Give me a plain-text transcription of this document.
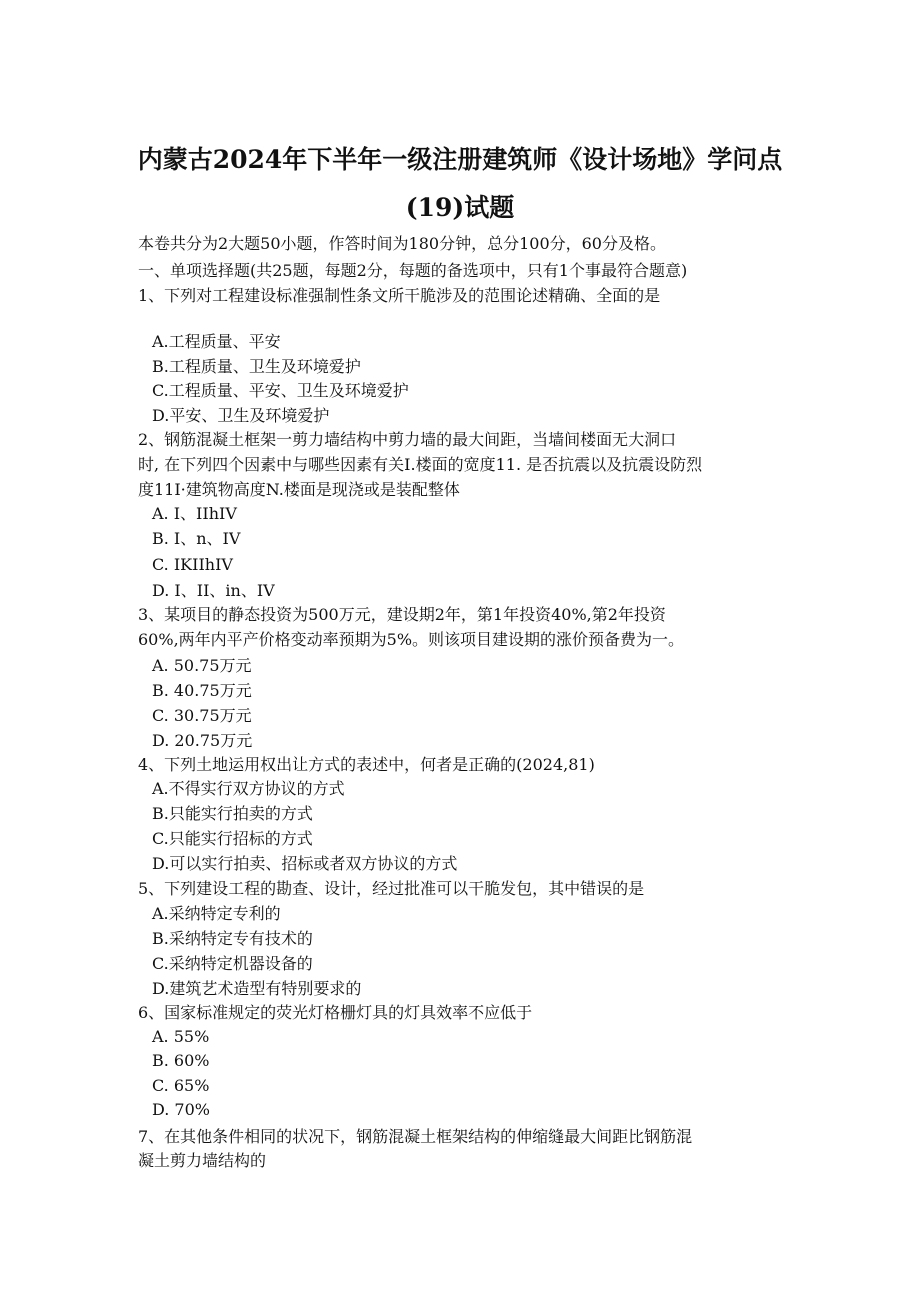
内蒙古2024年下半年一级注册建筑师《设计场地》学问点
(19)试题
本卷共分为2大题50小题，作答时间为180分钟，总分100分，60分及格。
一、单项选择题(共25题，每题2分，每题的备选项中，只有1个事最符合题意)
1、下列对工程建设标准强制性条文所干脆涉及的范围论述精确、全面的是
A.工程质量、平安
B.工程质量、卫生及环境爱护
C.工程质量、平安、卫生及环境爱护
D.平安、卫生及环境爱护
2、钢筋混凝土框架一剪力墙结构中剪力墙的最大间距，当墙间楼面无大洞口
时, 在下列四个因素中与哪些因素有关I.楼面的宽度11. 是否抗震以及抗震设防烈
度11I·建筑物高度N.楼面是现浇或是装配整体
A. I、IIhIV
B. I、n、IV
C. IKIIhIV
D. I、II、in、IV
3、某项目的静态投资为500万元，建设期2年，第1年投资40%,第2年投资
60%,两年内平产价格变动率预期为5%。则该项目建设期的涨价预备费为一。
A. 50.75万元
B. 40.75万元
C. 30.75万元
D. 20.75万元
4、下列土地运用权出让方式的表述中，何者是正确的(2024,81)
A.不得实行双方协议的方式
B.只能实行拍卖的方式
C.只能实行招标的方式
D.可以实行拍卖、招标或者双方协议的方式
5、下列建设工程的勘查、设计，经过批准可以干脆发包，其中错误的是
A.采纳特定专利的
B.采纳特定专有技术的
C.采纳特定机器设备的
D.建筑艺术造型有特别要求的
6、国家标准规定的荧光灯格栅灯具的灯具效率不应低于
A. 55%
B. 60%
C. 65%
D. 70%
7、在其他条件相同的状况下，钢筋混凝土框架结构的伸缩缝最大间距比钢筋混
凝土剪力墙结构的
